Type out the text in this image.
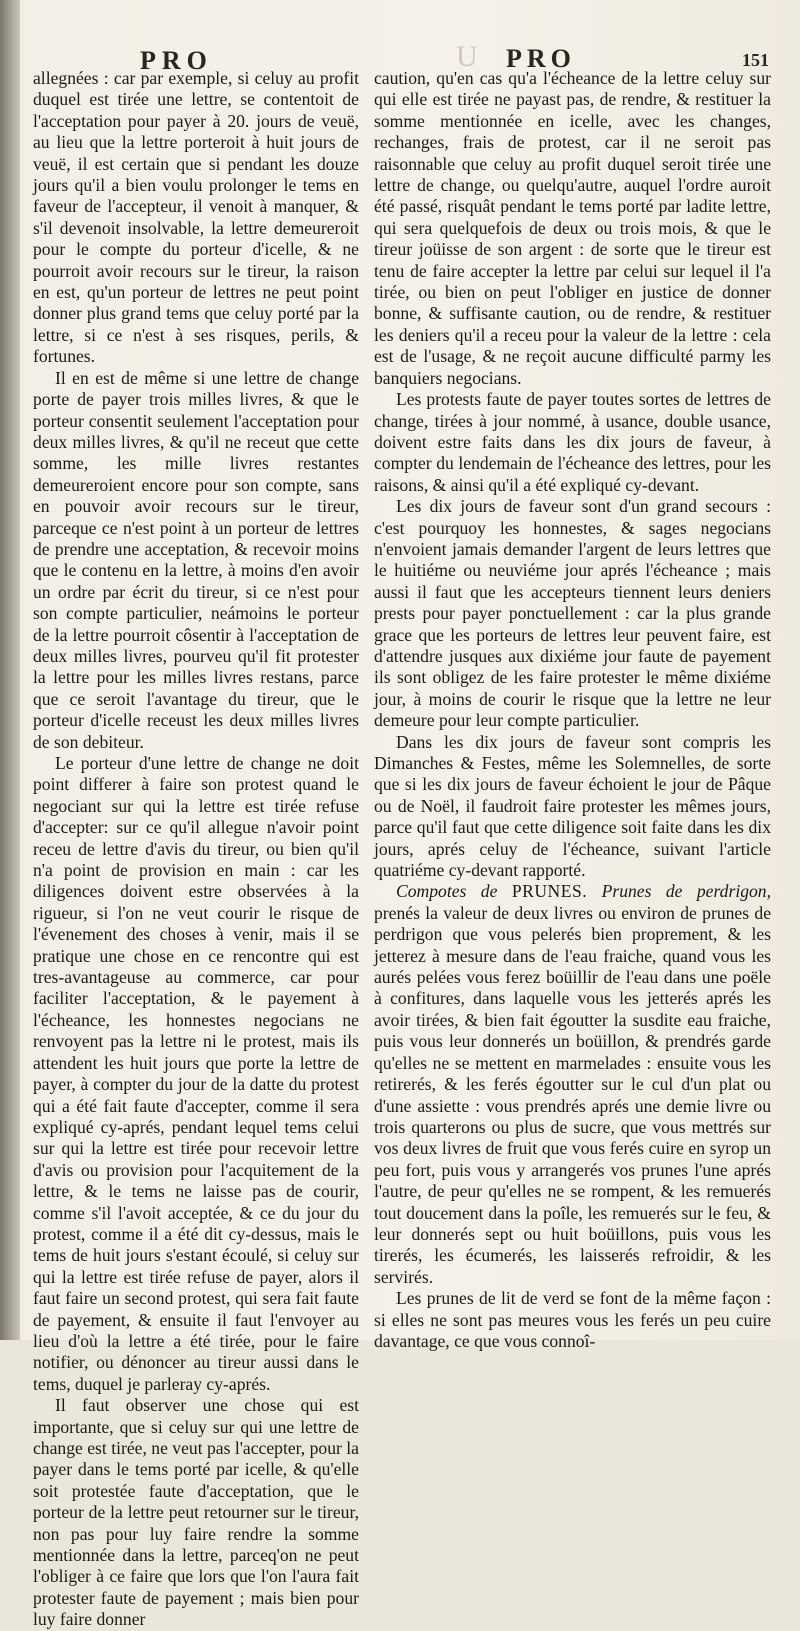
PRO	U PRO	151

allegnées : car par exemple, si celuy au profit duquel est tirée une lettre, se contentoit de l'acceptation pour payer à 20. jours de veuë, au lieu que la lettre porteroit à huit jours de veuë, il est certain que si pendant les douze jours qu'il a bien voulu prolonger le tems en faveur de l'accepteur, il venoit à manquer, & s'il devenoit insolvable, la lettre demeureroit pour le compte du porteur d'icelle, & ne pourroit avoir recours sur le tireur, la raison en est, qu'un porteur de lettres ne peut point donner plus grand tems que celuy porté par la lettre, si ce n'est à ses risques, perils, & fortunes.

Il en est de même si une lettre de change porte de payer trois milles livres, & que le porteur consentit seulement l'acceptation pour deux milles livres, & qu'il ne receut que cette somme, les mille livres restantes demeureroient encore pour son compte, sans en pouvoir avoir recours sur le tireur, parceque ce n'est point à un porteur de lettres de prendre une acceptation, & recevoir moins que le contenu en la lettre, à moins d'en avoir un ordre par écrit du tireur, si ce n'est pour son compte particulier, neámoins le porteur de la lettre pourroit côsentir à l'acceptation de deux milles livres, pourveu qu'il fit protester la lettre pour les milles livres restans, parce que ce seroit l'avantage du tireur, que le porteur d'icelle receust les deux milles livres de son debiteur.

Le porteur d'une lettre de change ne doit point differer à faire son protest quand le negociant sur qui la lettre est tirée refuse d'accepter: sur ce qu'il allegue n'avoir point receu de lettre d'avis du tireur, ou bien qu'il n'a point de provision en main : car les diligences doivent estre observées à la rigueur, si l'on ne veut courir le risque de l'évenement des choses à venir, mais il se pratique une chose en ce rencontre qui est tres-avantageuse au commerce, car pour faciliter l'acceptation, & le payement à l'écheance, les honnestes negocians ne renvoyent pas la lettre ni le protest, mais ils attendent les huit jours que porte la lettre de payer, à compter du jour de la datte du protest qui a été fait faute d'accepter, comme il sera expliqué cy-aprés, pendant lequel tems celui sur qui la lettre est tirée pour recevoir lettre d'avis ou provision pour l'acquitement de la lettre, & le tems ne laisse pas de courir, comme s'il l'avoit acceptée, & ce du jour du protest, comme il a été dit cy-dessus, mais le tems de huit jours s'estant écoulé, si celuy sur qui la lettre est tirée refuse de payer, alors il faut faire un second protest, qui sera fait faute de payement, & ensuite il faut l'envoyer au lieu d'où la lettre a été tirée, pour le faire notifier, ou dénoncer au tireur aussi dans le tems, duquel je parleray cy-aprés.

Il faut observer une chose qui est importante, que si celuy sur qui une lettre de change est tirée, ne veut pas l'accepter, pour la payer dans le tems porté par icelle, & qu'elle soit protestée faute d'acceptation, que le porteur de la lettre peut retourner sur le tireur, non pas pour luy faire rendre la somme mentionnée dans la lettre, parceq'on ne peut l'obliger à ce faire que lors que l'on l'aura fait protester faute de payement ; mais bien pour luy faire donner

caution, qu'en cas qu'a l'écheance de la lettre celuy sur qui elle est tirée ne payast pas, de rendre, & restituer la somme mentionnée en icelle, avec les changes, rechanges, frais de protest, car il ne seroit pas raisonnable que celuy au profit duquel seroit tirée une lettre de change, ou quelqu'autre, auquel l'ordre auroit été passé, risquât pendant le tems porté par ladite lettre, qui sera quelquefois de deux ou trois mois, & que le tireur joüisse de son argent : de sorte que le tireur est tenu de faire accepter la lettre par celui sur lequel il l'a tirée, ou bien on peut l'obliger en justice de donner bonne, & suffisante caution, ou de rendre, & restituer les deniers qu'il a receu pour la valeur de la lettre : cela est de l'usage, & ne reçoit aucune difficulté parmy les banquiers negocians.

Les protests faute de payer toutes sortes de lettres de change, tirées à jour nommé, à usance, double usance, doivent estre faits dans les dix jours de faveur, à compter du lendemain de l'écheance des lettres, pour les raisons, & ainsi qu'il a été expliqué cy-devant.

Les dix jours de faveur sont d'un grand secours : c'est pourquoy les honnestes, & sages negocians n'envoient jamais demander l'argent de leurs lettres que le huitiéme ou neuviéme jour aprés l'écheance ; mais aussi il faut que les accepteurs tiennent leurs deniers prests pour payer ponctuellement : car la plus grande grace que les porteurs de lettres leur peuvent faire, est d'attendre jusques aux dixiéme jour faute de payement ils sont obligez de les faire protester le même dixiéme jour, à moins de courir le risque que la lettre ne leur demeure pour leur compte particulier.

Dans les dix jours de faveur sont compris les Dimanches & Festes, même les Solemnelles, de sorte que si les dix jours de faveur échoient le jour de Pâque ou de Noël, il faudroit faire protester les mêmes jours, parce qu'il faut que cette diligence soit faite dans les dix jours, aprés celuy de l'écheance, suivant l'article quatriéme cy-devant rapporté.

Compotes de PRUNES. Prunes de perdrigon, prenés la valeur de deux livres ou environ de prunes de perdrigon que vous pelerés bien proprement, & les jetterez à mesure dans de l'eau fraiche, quand vous les aurés pelées vous ferez boüillir de l'eau dans une poële à confitures, dans laquelle vous les jetterés aprés les avoir tirées, & bien fait égoutter la susdite eau fraiche, puis vous leur donnerés un boüillon, & prendrés garde qu'elles ne se mettent en marmelades : ensuite vous les retirerés, & les ferés égoutter sur le cul d'un plat ou d'une assiette : vous prendrés aprés une demie livre ou trois quarterons ou plus de sucre, que vous mettrés sur vos deux livres de fruit que vous ferés cuire en syrop un peu fort, puis vous y arrangerés vos prunes l'une aprés l'autre, de peur qu'elles ne se rompent, & les remuerés tout doucement dans la poîle, les remuerés sur le feu, & leur donnerés sept ou huit boüillons, puis vous les tirerés, les écumerés, les laisserés refroidir, & les servirés.

Les prunes de lit de verd se font de la même façon : si elles ne sont pas meures vous les ferés un peu cuire davantage, ce que vous connoî-
